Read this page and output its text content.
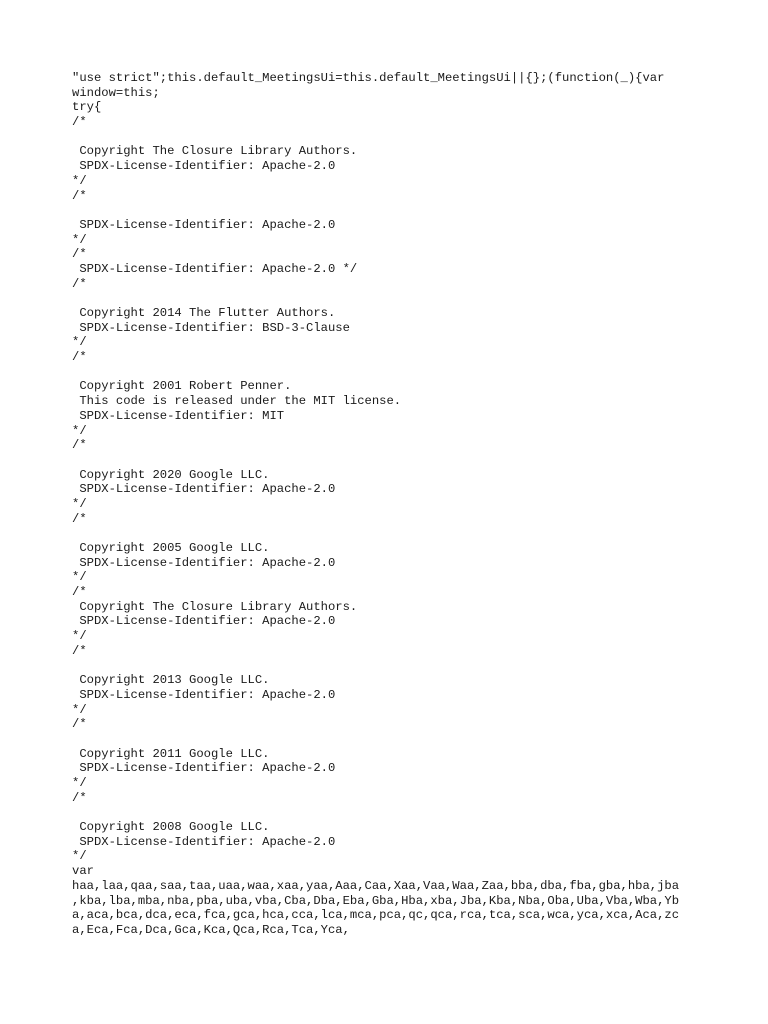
"use strict";this.default_MeetingsUi=this.default_MeetingsUi||{};(function(_){var
window=this;
try{
/*
Copyright The Closure Library Authors.
SPDX-License-Identifier: Apache-2.0
*/
/*
SPDX-License-Identifier: Apache-2.0
*/
/*
SPDX-License-Identifier: Apache-2.0 */
/*
Copyright 2014 The Flutter Authors.
SPDX-License-Identifier: BSD-3-Clause
*/
/*
Copyright 2001 Robert Penner.
This code is released under the MIT license.
SPDX-License-Identifier: MIT
*/
/*
Copyright 2020 Google LLC.
SPDX-License-Identifier: Apache-2.0
*/
/*
Copyright 2005 Google LLC.
SPDX-License-Identifier: Apache-2.0
*/
/*
Copyright The Closure Library Authors.
SPDX-License-Identifier: Apache-2.0
*/
/*
Copyright 2013 Google LLC.
SPDX-License-Identifier: Apache-2.0
*/
/*
Copyright 2011 Google LLC.
SPDX-License-Identifier: Apache-2.0
*/
/*
Copyright 2008 Google LLC.
SPDX-License-Identifier: Apache-2.0
*/
var
haa,laa,qaa,saa,taa,uaa,waa,xaa,yaa,Aaa,Caa,Xaa,Vaa,Waa,Zaa,bba,dba,fba,gba,hba,jba
,kba,lba,mba,nba,pba,uba,vba,Cba,Dba,Eba,Gba,Hba,xba,Jba,Kba,Nba,Oba,Uba,Vba,Wba,Yb
a,aca,bca,dca,eca,fca,gca,hca,cca,lca,mca,pca,qc,qca,rca,tca,sca,wca,yca,xca,Aca,zc
a,Eca,Fca,Dca,Gca,Kca,Qca,Rca,Tca,Yca,
